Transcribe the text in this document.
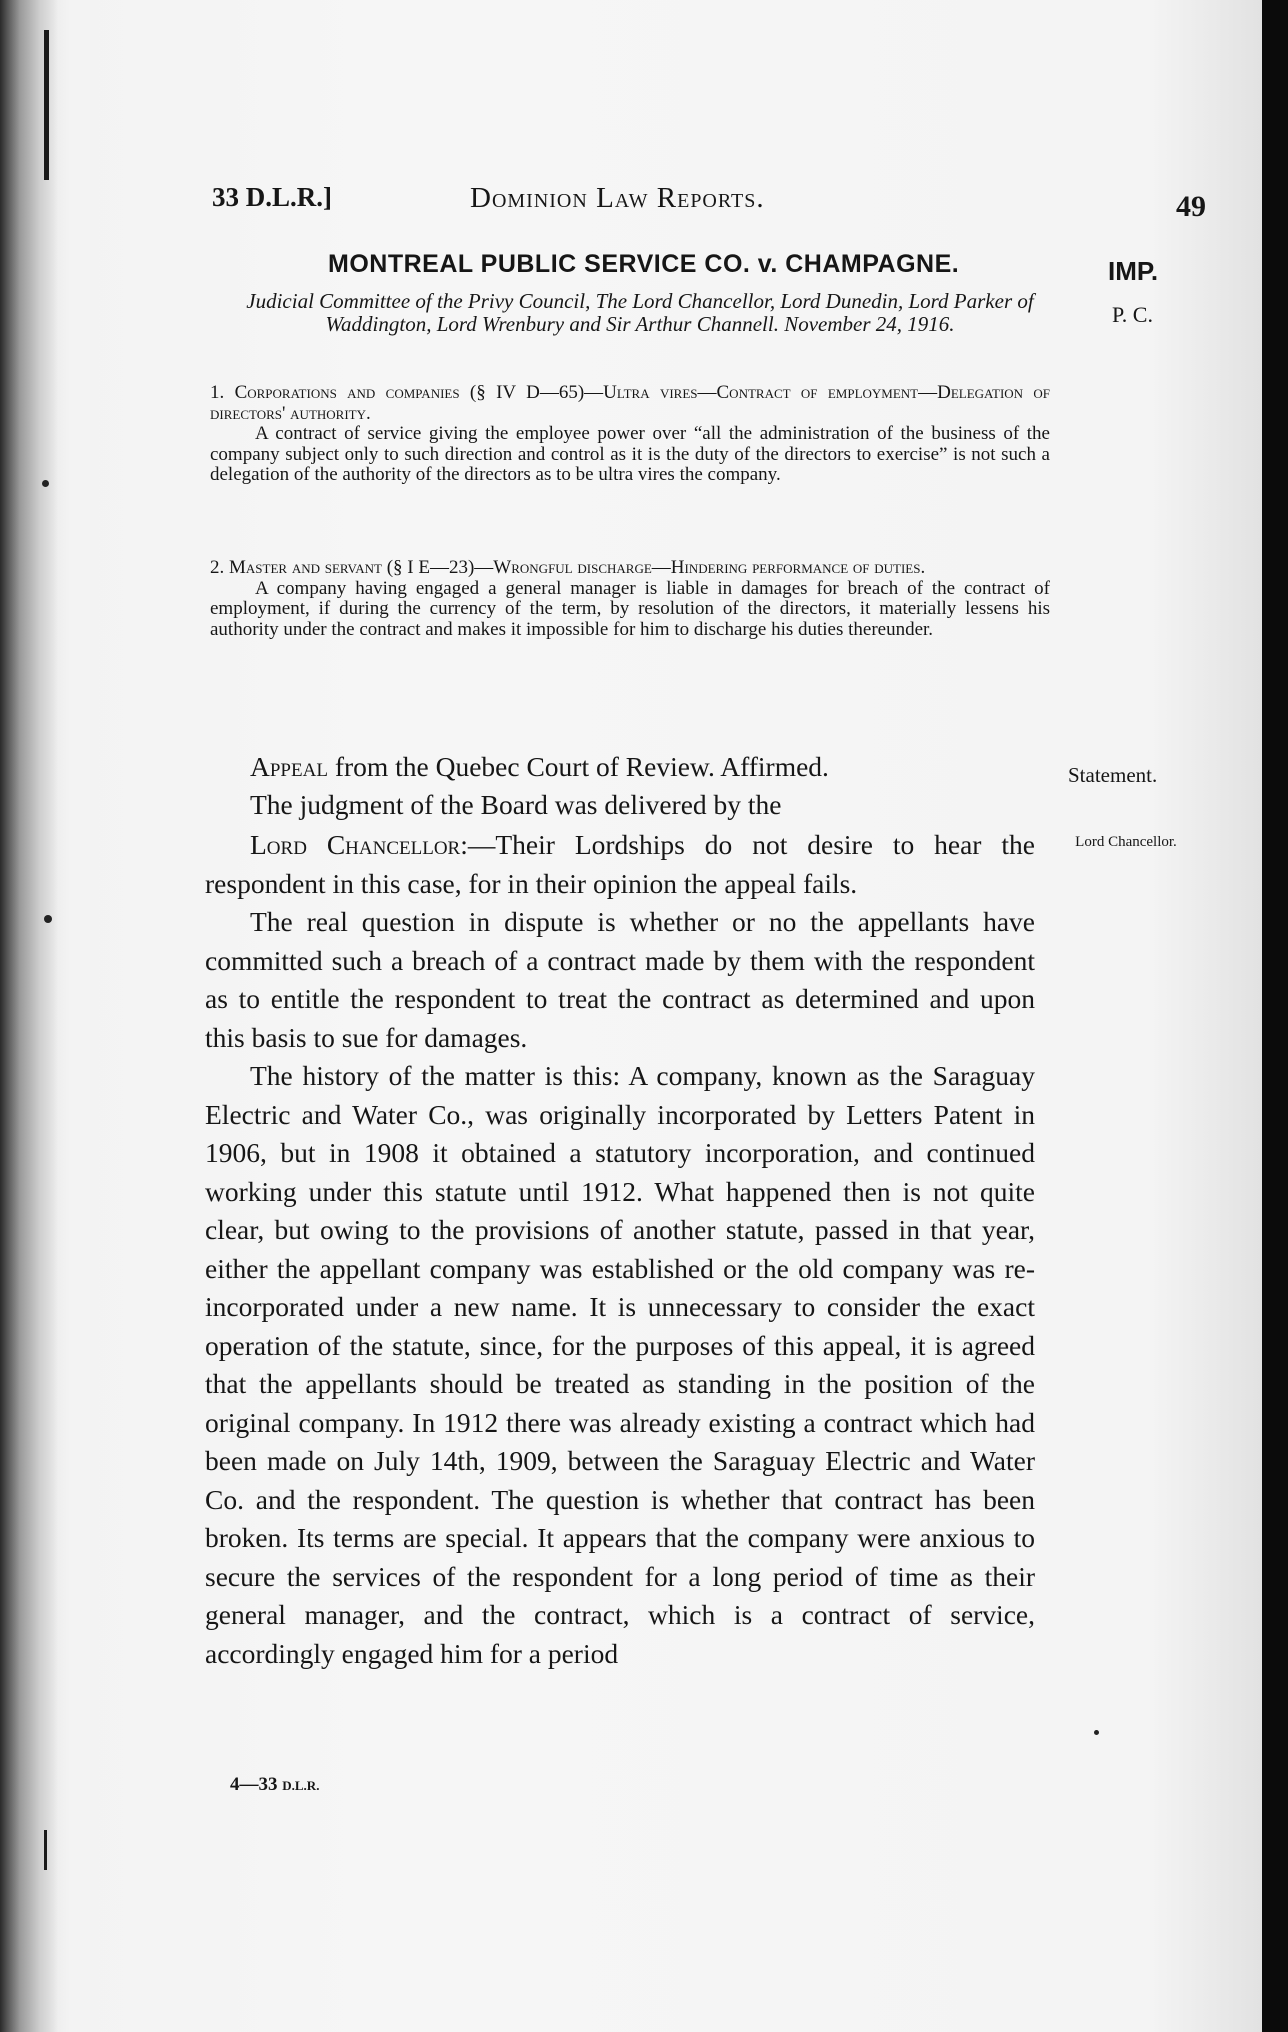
33 D.L.R.]	Dominion Law Reports.	49
MONTREAL PUBLIC SERVICE CO. v. CHAMPAGNE.	IMP.
P. C.
Judicial Committee of the Privy Council, The Lord Chancellor, Lord Dunedin, Lord Parker of Waddington, Lord Wrenbury and Sir Arthur Channell. November 24, 1916.
1. Corporations and companies (§ IV D—65)—Ultra vires—Contract of employment—Delegation of directors' authority.
A contract of service giving the employee power over “all the administration of the business of the company subject only to such direction and control as it is the duty of the directors to exercise” is not such a delegation of the authority of the directors as to be ultra vires the company.
2. Master and servant (§ I E—23)—Wrongful discharge—Hindering performance of duties.
A company having engaged a general manager is liable in damages for breach of the contract of employment, if during the currency of the term, by resolution of the directors, it materially lessens his authority under the contract and makes it impossible for him to discharge his duties thereunder.
Appeal from the Quebec Court of Review. Affirmed.	Statement.
The judgment of the Board was delivered by the
Lord Chancellor:—Their Lordships do not desire to hear the respondent in this case, for in their opinion the appeal fails.
Lord Chancellor.
The real question in dispute is whether or no the appellants have committed such a breach of a contract made by them with the respondent as to entitle the respondent to treat the contract as determined and upon this basis to sue for damages.
The history of the matter is this: A company, known as the Saraguay Electric and Water Co., was originally incorporated by Letters Patent in 1906, but in 1908 it obtained a statutory incorporation, and continued working under this statute until 1912. What happened then is not quite clear, but owing to the provisions of another statute, passed in that year, either the appellant company was established or the old company was re-incorporated under a new name. It is unnecessary to consider the exact operation of the statute, since, for the purposes of this appeal, it is agreed that the appellants should be treated as standing in the position of the original company. In 1912 there was already existing a contract which had been made on July 14th, 1909, between the Saraguay Electric and Water Co. and the respondent. The question is whether that contract has been broken. Its terms are special. It appears that the company were anxious to secure the services of the respondent for a long period of time as their general manager, and the contract, which is a contract of service, accordingly engaged him for a period
4—33 D.L.R.
